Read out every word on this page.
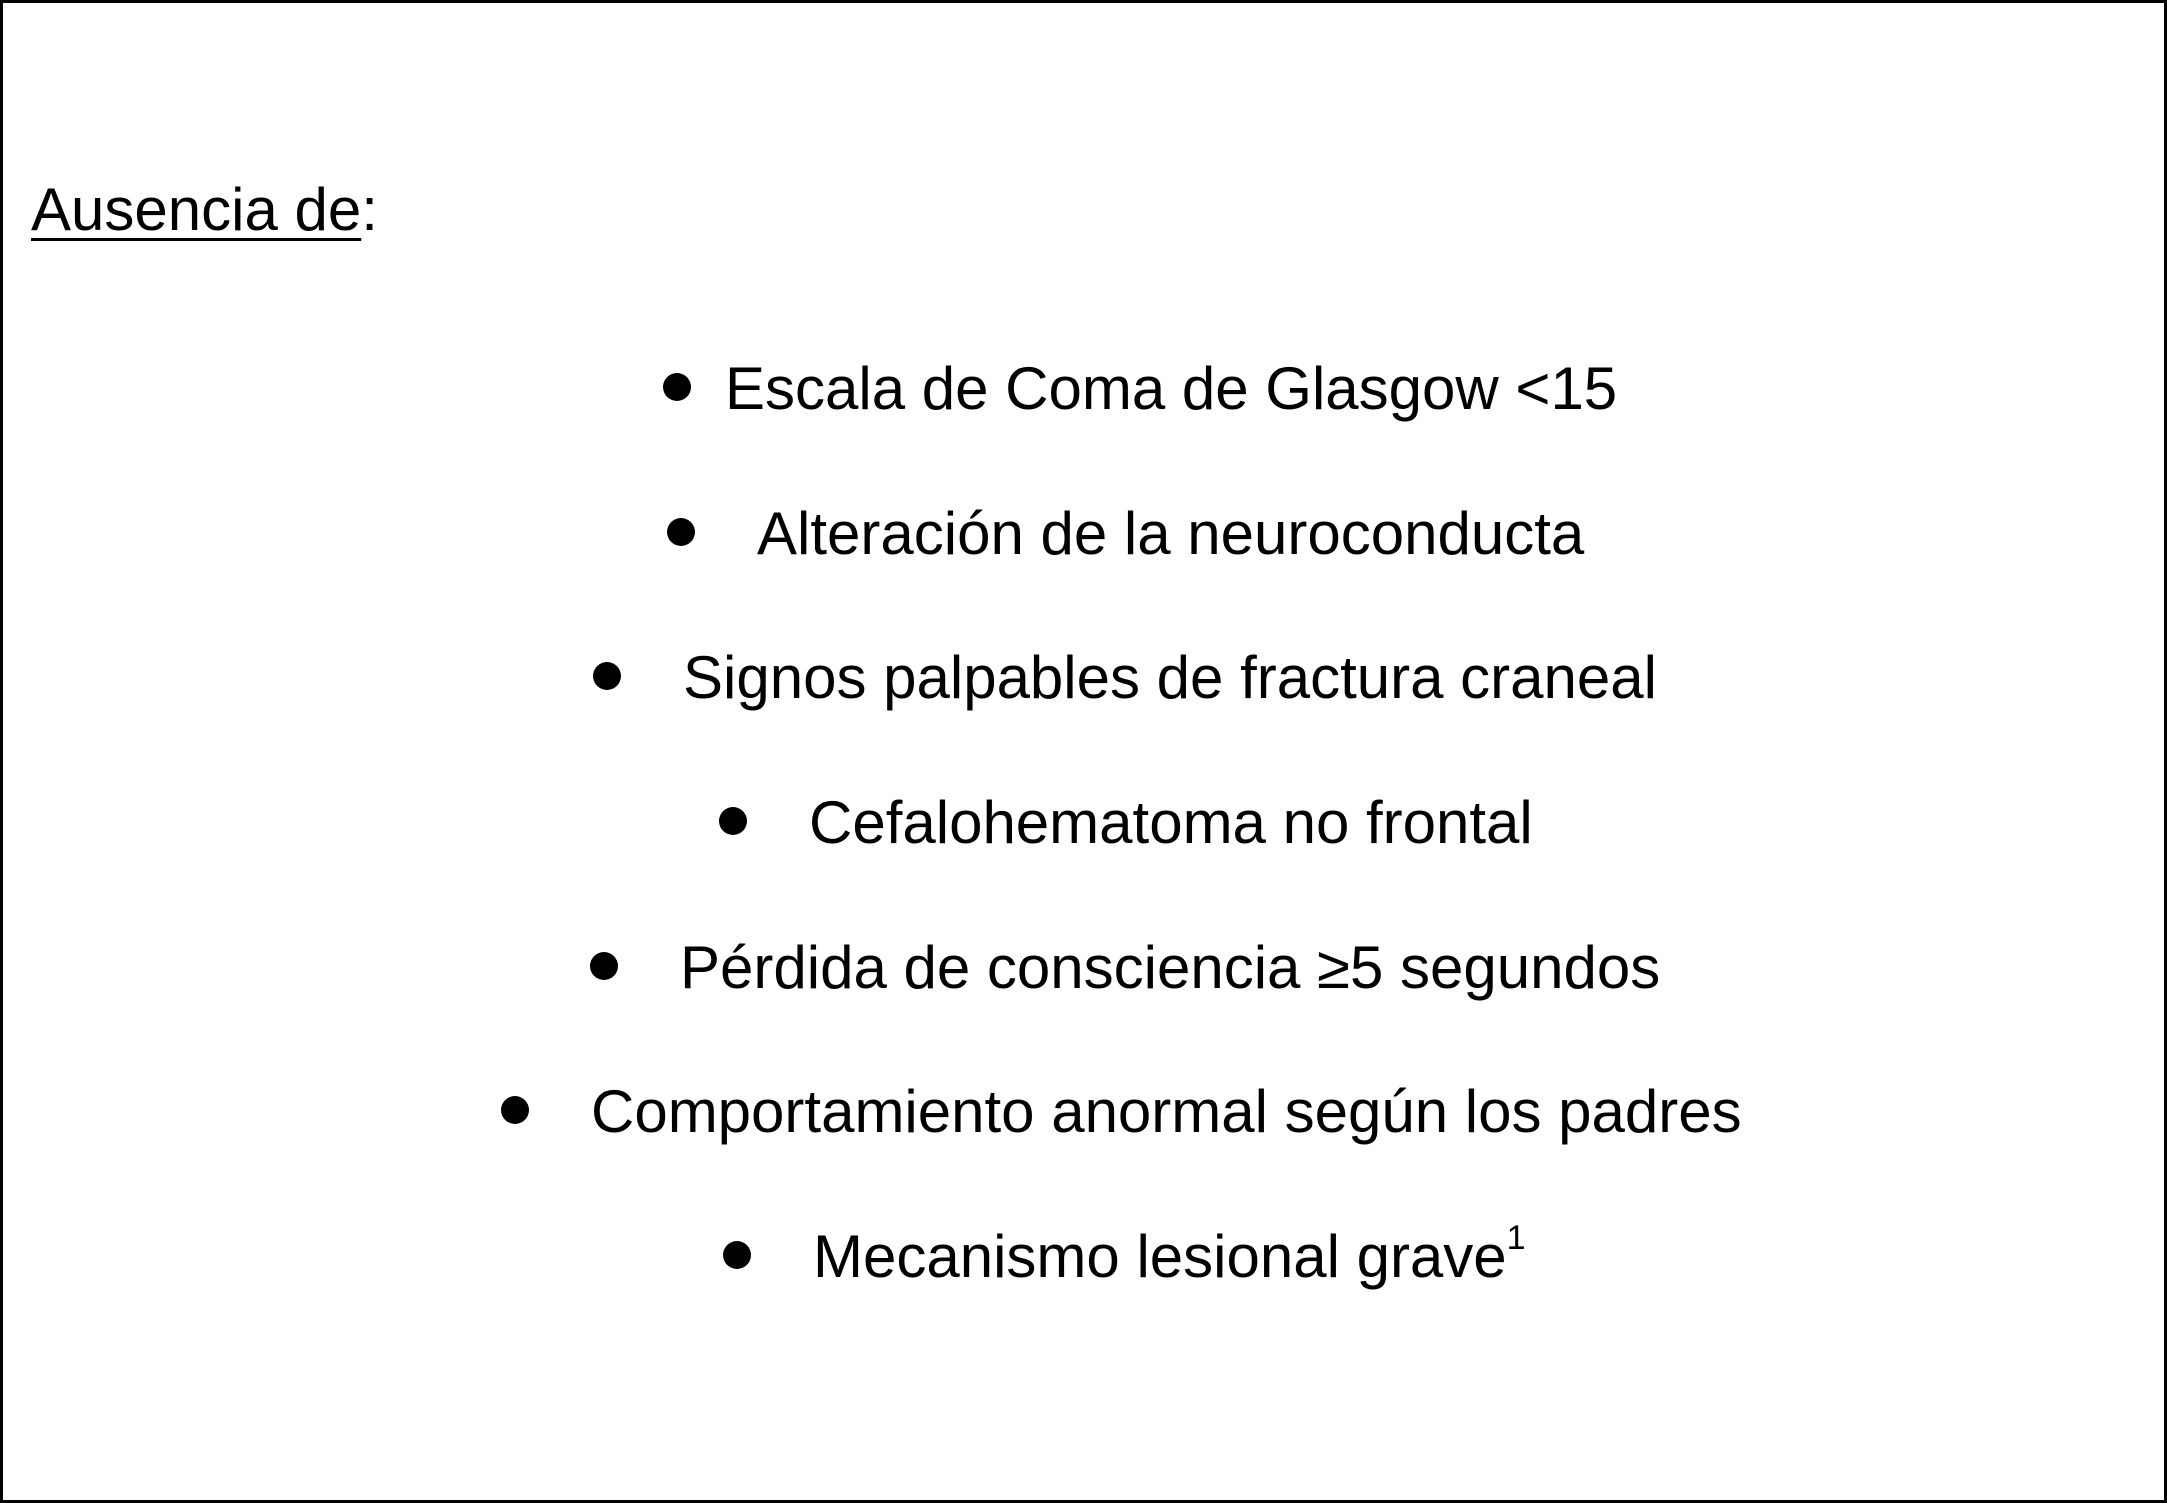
Ausencia de:
Escala de Coma de Glasgow <15
Alteración de la neuroconducta
Signos palpables de fractura craneal
Cefalohematoma no frontal
Pérdida de consciencia ≥5 segundos
Comportamiento anormal según los padres
Mecanismo lesional grave$^1$
